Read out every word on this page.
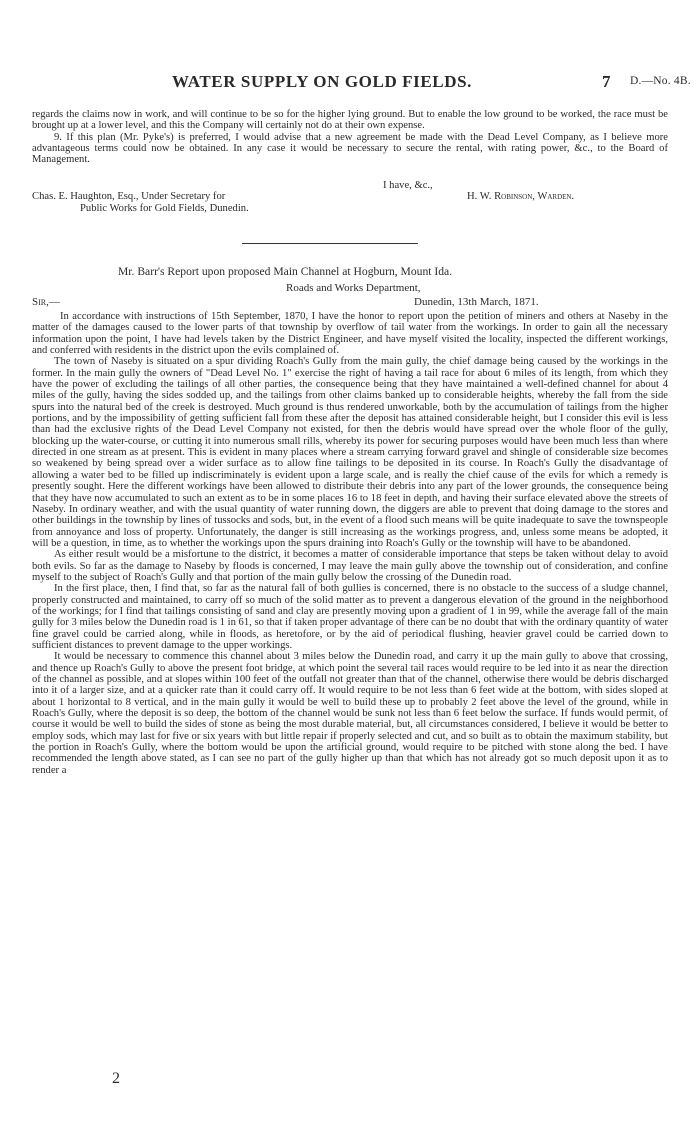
WATER SUPPLY ON GOLD FIELDS.	7 D.—No. 4B.

regards the claims now in work, and will continue to be so for the higher lying ground. But to enable the low ground to be worked, the race must be brought up at a lower level, and this the Company will certainly not do at their own expense.

9. If this plan (Mr. Pyke's) is preferred, I would advise that a new agreement be made with the Dead Level Company, as I believe more advantageous terms could now be obtained. In any case it would be necessary to secure the rental, with rating power, &c., to the Board of Management.

I have, &c.,
Chas. E. Haughton, Esq., Under Secretary for
Public Works for Gold Fields, Dunedin.
H. W. Robinson, Warden.
Mr. Barr's Report upon proposed Main Channel at Hogburn, Mount Ida.
Roads and Works Department,
Sir,—	Dunedin, 13th March, 1871.

In accordance with instructions of 15th September, 1870, I have the honor to report upon the petition of miners and others at Naseby in the matter of the damages caused to the lower parts of that township by overflow of tail water from the workings. In order to gain all the necessary information upon the point, I have had levels taken by the District Engineer, and have myself visited the locality, inspected the different workings, and conferred with residents in the district upon the evils complained of.

The town of Naseby is situated on a spur dividing Roach's Gully from the main gully, the chief damage being caused by the workings in the former. In the main gully the owners of "Dead Level No. 1" exercise the right of having a tail race for about 6 miles of its length, from which they have the power of excluding the tailings of all other parties, the consequence being that they have maintained a well-defined channel for about 4 miles of the gully, having the sides sodded up, and the tailings from other claims banked up to considerable heights, whereby the fall from the side spurs into the natural bed of the creek is destroyed. Much ground is thus rendered unworkable, both by the accumulation of tailings from the higher portions, and by the impossibility of getting sufficient fall from these after the deposit has attained considerable height, but I consider this evil is less than had the exclusive rights of the Dead Level Company not existed, for then the debris would have spread over the whole floor of the gully, blocking up the water-course, or cutting it into numerous small rills, whereby its power for securing purposes would have been much less than where directed in one stream as at present. This is evident in many places where a stream carrying forward gravel and shingle of considerable size becomes so weakened by being spread over a wider surface as to allow fine tailings to be deposited in its course. In Roach's Gully the disadvantage of allowing a water bed to be filled up indiscriminately is evident upon a large scale, and is really the chief cause of the evils for which a remedy is presently sought. Here the different workings have been allowed to distribute their debris into any part of the lower grounds, the consequence being that they have now accumulated to such an extent as to be in some places 16 to 18 feet in depth, and having their surface elevated above the streets of Naseby. In ordinary weather, and with the usual quantity of water running down, the diggers are able to prevent that doing damage to the stores and other buildings in the township by lines of tussocks and sods, but, in the event of a flood such means will be quite inadequate to save the townspeople from annoyance and loss of property. Unfortunately, the danger is still increasing as the workings progress, and, unless some means be adopted, it will be a question, in time, as to whether the workings upon the spurs draining into Roach's Gully or the township will have to be abandoned.

As either result would be a misfortune to the district, it becomes a matter of considerable importance that steps be taken without delay to avoid both evils. So far as the damage to Naseby by floods is concerned, I may leave the main gully above the township out of consideration, and confine myself to the subject of Roach's Gully and that portion of the main gully below the crossing of the Dunedin road.

In the first place, then, I find that, so far as the natural fall of both gullies is concerned, there is no obstacle to the success of a sludge channel, properly constructed and maintained, to carry off so much of the solid matter as to prevent a dangerous elevation of the ground in the neighborhood of the workings; for I find that tailings consisting of sand and clay are presently moving upon a gradient of 1 in 99, while the average fall of the main gully for 3 miles below the Dunedin road is 1 in 61, so that if taken proper advantage of there can be no doubt that with the ordinary quantity of water fine gravel could be carried along, while in floods, as heretofore, or by the aid of periodical flushing, heavier gravel could be carried down to sufficient distances to prevent damage to the upper workings.

It would be necessary to commence this channel about 3 miles below the Dunedin road, and carry it up the main gully to above that crossing, and thence up Roach's Gully to above the present foot bridge, at which point the several tail races would require to be led into it as near the direction of the channel as possible, and at slopes within 100 feet of the outfall not greater than that of the channel, otherwise there would be debris discharged into it of a larger size, and at a quicker rate than it could carry off. It would require to be not less than 6 feet wide at the bottom, with sides sloped at about 1 horizontal to 8 vertical, and in the main gully it would be well to build these up to probably 2 feet above the level of the ground, while in Roach's Gully, where the deposit is so deep, the bottom of the channel would be sunk not less than 6 feet below the surface. If funds would permit, of course it would be well to build the sides of stone as being the most durable material, but, all circumstances considered, I believe it would be better to employ sods, which may last for five or six years with but little repair if properly selected and cut, and so built as to obtain the maximum stability, but the portion in Roach's Gully, where the bottom would be upon the artificial ground, would require to be pitched with stone along the bed. I have recommended the length above stated, as I can see no part of the gully higher up than that which has not already got so much deposit upon it as to render a

2
